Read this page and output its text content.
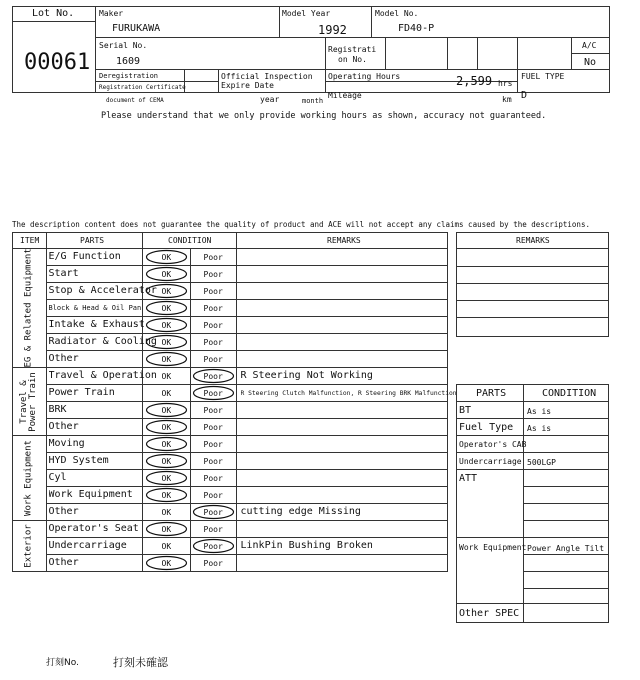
Lot No.
00061
Maker
FURUKAWA
Model Year
1992
Model No.
FD40-P
Serial No.
1609
Registrati
on No.
A/C
No
Deregistration
Registration Certificate
document of CEMA
Official Inspection
Expire Date
year	month
Operating Hours	2,599 hrs
Mileage	km
FUEL TYPE
D
Please understand that we only provide working hours as shown, accuracy not guaranteed.
The description content does not guarantee the quality of product and ACE will not accept any claims caused by the descriptions.
ITEM	PARTS	CONDITION	REMARKS
E/G Function	OK	Poor
Start	OK	Poor
Stop & Accelerator OK	Poor
Block & Head & Oil Pan	OK	Poor
Intake & Exhaust OK	Poor
Radiator & Cooling OK	Poor
Other	OK	Poor
EG & Related Equipment
Travel & Operation OK	Poor R Steering Not Working
Power Train	OK	Poor	R Steering Clutch Malfunction, R Steering BRK Malfunction
BRK	OK	Poor
Other	OK	Poor
Travel & Power Train
Moving	OK	Poor
HYD System	OK	Poor
Cyl	OK	Poor
Work Equipment	OK	Poor
Other	OK	Poor cutting edge Missing
Work Equipment
Operator's Seat	OK	Poor
Undercarriage	OK	Poor LinkPin Bushing Broken
Other	OK	Poor
Exterior
REMARKS
PARTS	CONDITION
BT	As is
Fuel Type As is
Operator's CAB
Undercarriage 500LGP
ATT
Work Equipment Power Angle Tilt
Other SPEC
打刻No.	打刻未確認
